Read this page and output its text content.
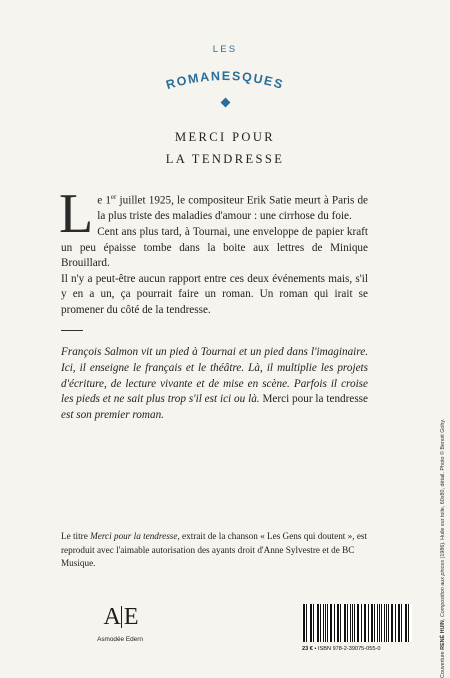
LES
ROMANESQUES
MERCI POUR
LA TENDRESSE

Le 1er juillet 1925, le compositeur Erik Satie meurt à Paris de la plus triste des maladies d'amour : une cirrhose du foie.

Cent ans plus tard, à Tournai, une enveloppe de papier kraft un peu épaisse tombe dans la boite aux lettres de Minique Brouillard.

Il n'y a peut-être aucun rapport entre ces deux événements mais, s'il y en a un, ça pourrait faire un roman. Un roman qui irait se promener du côté de la tendresse.

François Salmon vit un pied à Tournai et un pied dans l'imaginaire. Ici, il enseigne le français et le théâtre. Là, il multiplie les projets d'écriture, de lecture vivante et de mise en scène. Parfois il croise les pieds et ne sait plus trop s'il est ici ou là. Merci pour la tendresse est son premier roman.

Le titre Merci pour la tendresse, extrait de la chanson « Les Gens qui doutent », est reproduit avec l'aimable autorisation des ayants droit d'Anne Sylvestre et de BC Musique.
A E
Asmodée Edern
23 € • ISBN 978-2-39075-055-0
Couverture RENÉ HUIN, Composition aux pinces (1986). Huile sur toile, 60x80, détail. Photo © Benoit Gohy.
